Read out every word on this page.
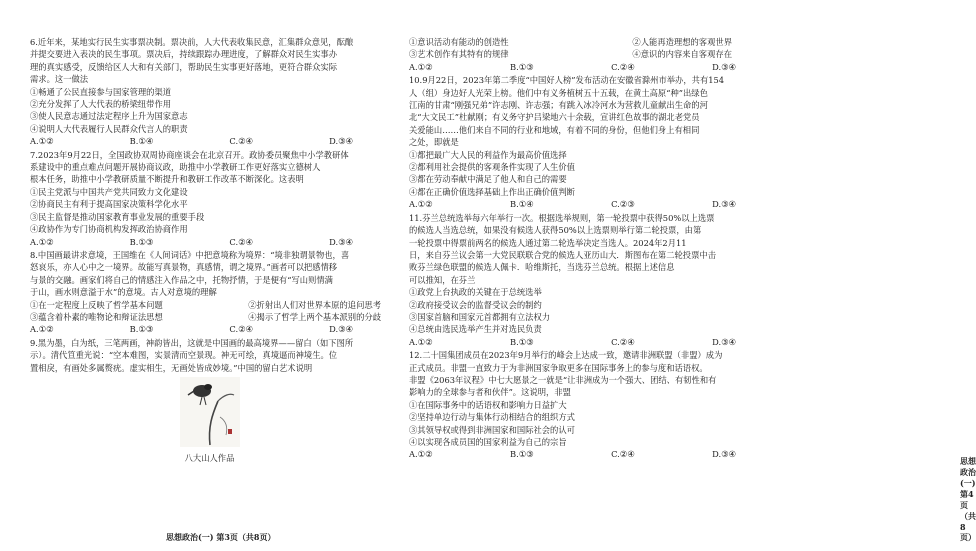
6.近年来，某地实行民生实事票决制。票决前，人大代表收集民意，汇集群众意见，酝酿

并提交要进入表决的民生事项。票决后，持续跟踪办理进度，了解群众对民生实事办

理的真实感受，反馈给区人大和有关部门，帮助民生实事更好落地，更符合群众实际

需求。这一做法

①畅通了公民直接参与国家管理的渠道

②充分发挥了人大代表的桥梁纽带作用

③使人民意志通过法定程序上升为国家意志

④说明人大代表履行人民群众代言人的职责

A.①②	B.①④	C.②④	D.③④

7.2023年9月22日，全国政协双周协商座谈会在北京召开。政协委员聚焦中小学教研体

系建设中的重点难点问题开展协商议政，助推中小学教研工作更好落实立德树人

根本任务，助推中小学教研质量不断提升和教研工作改革不断深化。这表明

①民主党派与中国共产党共同致力文化建设

②协商民主有利于提高国家决策科学化水平

③民主监督是推动国家教育事业发展的重要手段

④政协作为专门协商机构发挥政治协商作用

A.①②	B.①③	C.②④	D.③④

8.中国画最讲求意境，王国维在《人间词话》中把意境称为境界：“境非独谓景物也，喜

怒哀乐，亦人心中之一境界。故能写真景物，真感情，谓之境界。”画者可以把感情移

与景的交融。画家们将自己的情感注入作品之中，托物抒情，于是便有“写山则情满

于山，画水则意溢于水”的意境。古人对意境的理解

①在一定程度上反映了哲学基本问题	②折射出人们对世界本原的追问思考

③蕴含着朴素的唯物论和辩证法思想	④揭示了哲学上两个基本派别的分歧

A.①②	B.①③	C.②④	D.③④

9.黑为墨，白为纸，三笔两画，神韵皆出，这就是中国画的最高境界——留白（如下图所

示）。清代笪重光说：“空本难图，实景清而空景现。神无可绘，真境逼而神境生。位

置相戾，有画处多属赘疣。虚实相生，无画处皆成妙境。”中国的留白艺术说明

八大山人作品
思想政治(一) 第3页（共8页）

①意识活动有能动的创造性	②人能再造理想的客观世界

③艺术创作有其特有的规律	④意识的内容来自客观存在

A.①②	B.①③	C.②④	D.③④

10.9月22日，2023年第二季度“中国好人榜”发布活动在安徽省滁州市举办，共有154

人（组）身边好人光荣上榜。他们中有义务植树五十五载，在黄土高原“种”出绿色

江南的甘肃“刚强兄弟”许志刚、许志强；有跳入冰冷河水为营救儿童献出生命的河

北“大文民工”杜献刚；有义务守护吕梁地六十余载，宣讲红色故事的湖北老党员

关爱能山……他们来自不同的行业和地域，有着不同的身份，但他们身上有相同

之处，即就是

①都把最广大人民的利益作为最高价值选择

②都利用社会提供的客观条件实现了人生价值

③都在劳动奉献中满足了他人和自己的需要

④都在正确价值选择基础上作出正确价值判断

A.①②	B.①④	C.②③	D.③④

11.芬兰总统选举每六年举行一次。根据选举规则，第一轮投票中获得50%以上选票

的候选人当选总统，如果没有候选人获得50%以上选票则举行第二轮投票，由第

一轮投票中得票前两名的候选人通过第二轮选举决定当选人。2024年2月11

日，来自芬兰议会第一大党民联联合党的候选人亚历山大．斯图布在第二轮投票中击

败芬兰绿色联盟的候选人佩卡．哈维斯托，当选芬兰总统。根据上述信息

可以推知，在芬兰

①政党上台执政的关键在于总统选举

②政府接受议会的监督受议会的制约

③国家首脑和国家元首都拥有立法权力

④总统由选民选举产生并对选民负责

A.①②	B.①③	C.②④	D.③④

12.二十国集团成员在2023年9月举行的峰会上达成一致，邀请非洲联盟（非盟）成为

正式成员。非盟一直致力于为非洲国家争取更多在国际事务上的参与度和话语权。

非盟《2063年议程》中七大愿景之一就是“让非洲成为一个强大、团结、有韧性和有

影响力的全球参与者和伙伴”。这说明，非盟

①在国际事务中的话语权和影响力日益扩大

②坚持单边行动与集体行动相结合的组织方式

③其领导权或得到非洲国家和国际社会的认可

④以实现各成员国的国家利益为自己的宗旨

A.①②	B.①③	C.②④	D.③④

思想政治(一) 第4页（共8页）
